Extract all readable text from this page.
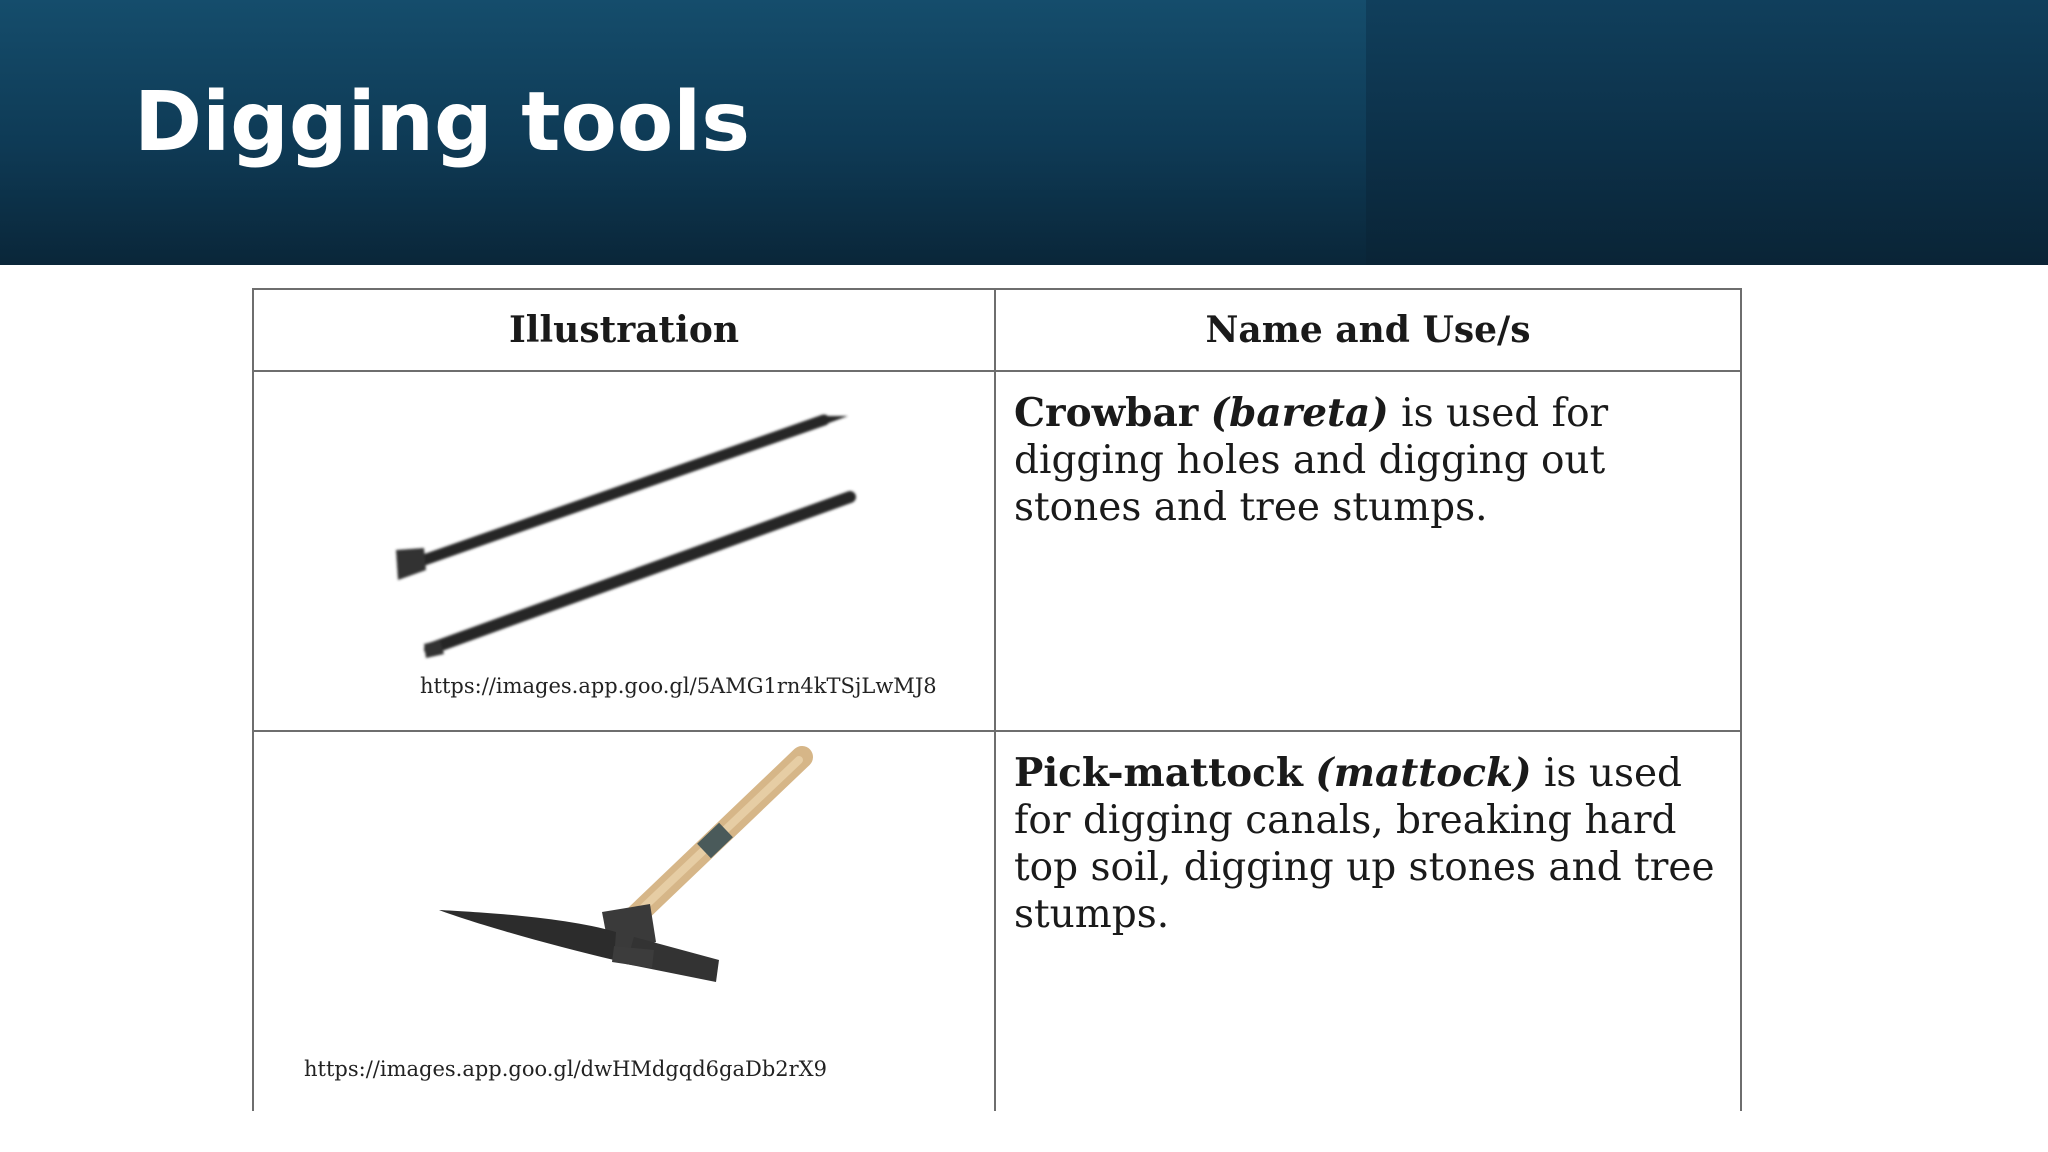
Digging tools
Illustration	Name and Use/s

https://images.app.goo.gl/5AMG1rn4kTSjLwMJ8	Crowbar (bareta) is used for digging holes and digging out stones and tree stumps.

https://images.app.goo.gl/dwHMdgqd6gaDb2rX9	Pick-mattock (mattock) is used for digging canals, breaking hard top soil, digging up stones and tree stumps.
